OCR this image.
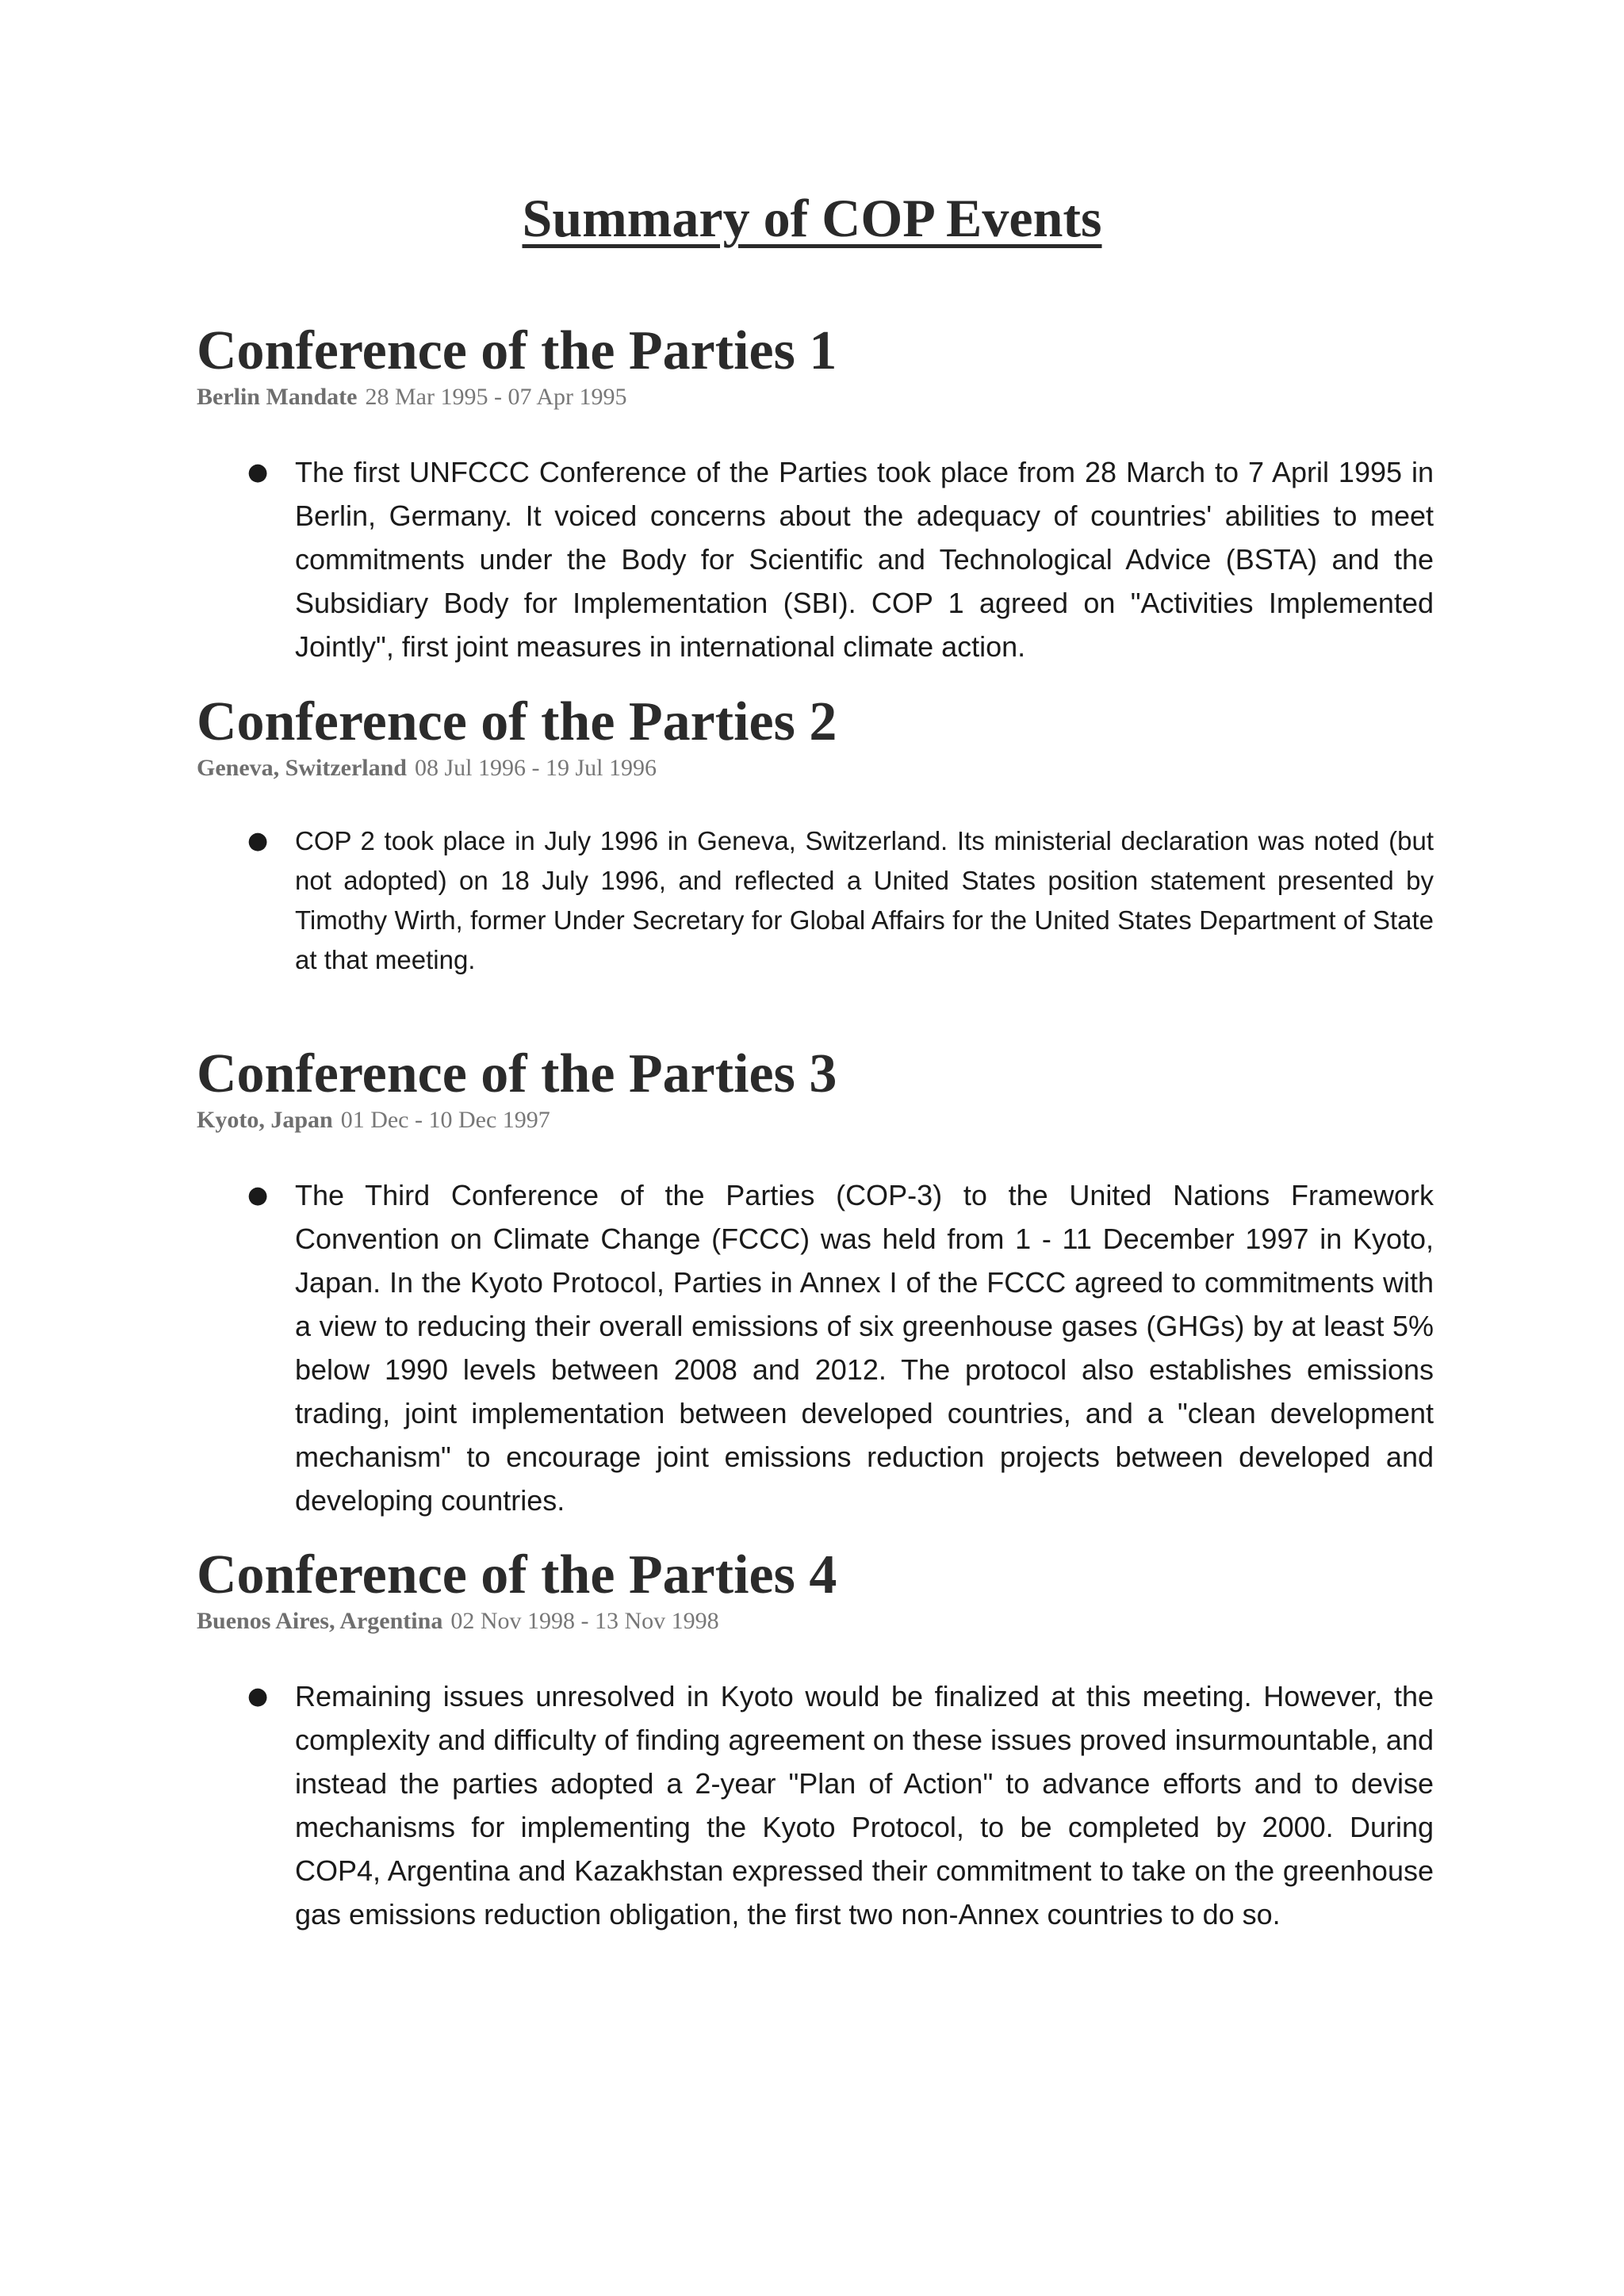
Summary of COP Events
Conference of the Parties 1
Berlin Mandate 28 Mar 1995 - 07 Apr 1995
● The first UNFCCC Conference of the Parties took place from 28 March to 7 April 1995 in Berlin, Germany. It voiced concerns about the adequacy of countries' abilities to meet commitments under the Body for Scientific and Technological Advice (BSTA) and the Subsidiary Body for Implementation (SBI). COP 1 agreed on "Activities Implemented Jointly", first joint measures in international climate action.
Conference of the Parties 2
Geneva, Switzerland 08 Jul 1996 - 19 Jul 1996
● COP 2 took place in July 1996 in Geneva, Switzerland. Its ministerial declaration was noted (but not adopted) on 18 July 1996, and reflected a United States position statement presented by Timothy Wirth, former Under Secretary for Global Affairs for the United States Department of State at that meeting.
Conference of the Parties 3
Kyoto, Japan 01 Dec - 10 Dec 1997
● The Third Conference of the Parties (COP-3) to the United Nations Framework Convention on Climate Change (FCCC) was held from 1 - 11 December 1997 in Kyoto, Japan. In the Kyoto Protocol, Parties in Annex I of the FCCC agreed to commitments with a view to reducing their overall emissions of six greenhouse gases (GHGs) by at least 5% below 1990 levels between 2008 and 2012. The protocol also establishes emissions trading, joint implementation between developed countries, and a "clean development mechanism" to encourage joint emissions reduction projects between developed and developing countries.
Conference of the Parties 4
Buenos Aires, Argentina 02 Nov 1998 - 13 Nov 1998
● Remaining issues unresolved in Kyoto would be finalized at this meeting. However, the complexity and difficulty of finding agreement on these issues proved insurmountable, and instead the parties adopted a 2-year "Plan of Action" to advance efforts and to devise mechanisms for implementing the Kyoto Protocol, to be completed by 2000. During COP4, Argentina and Kazakhstan expressed their commitment to take on the greenhouse gas emissions reduction obligation, the first two non-Annex countries to do so.
